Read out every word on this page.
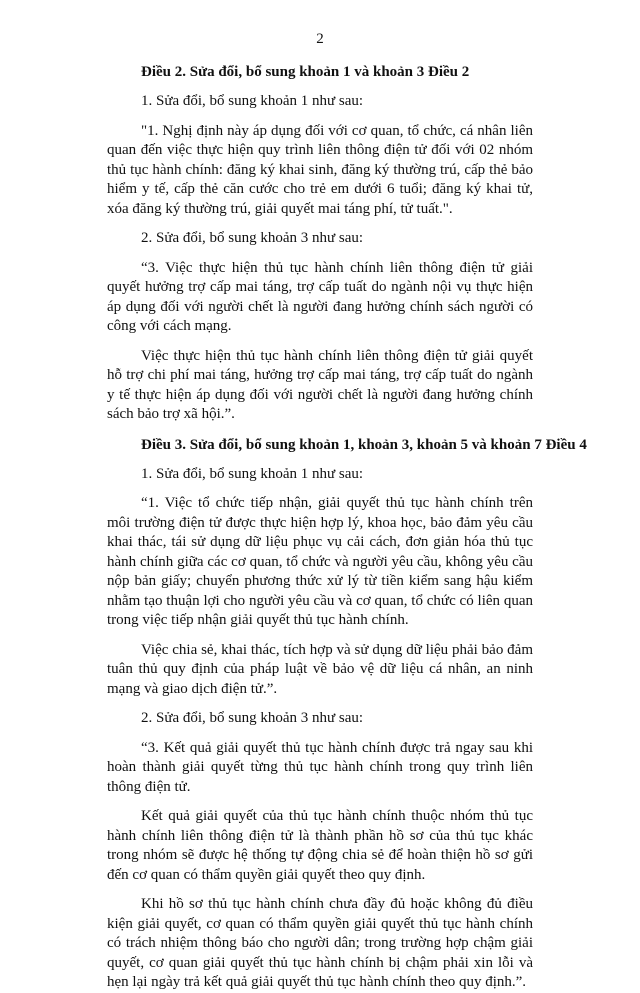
2
Điều 2. Sửa đổi, bổ sung khoản 1 và khoản 3 Điều 2
1. Sửa đổi, bổ sung khoản 1 như sau:
"1. Nghị định này áp dụng đối với cơ quan, tổ chức, cá nhân liên quan đến việc thực hiện quy trình liên thông điện tử đối với 02 nhóm thủ tục hành chính: đăng ký khai sinh, đăng ký thường trú, cấp thẻ bảo hiểm y tế, cấp thẻ căn cước cho trẻ em dưới 6 tuổi; đăng ký khai tử, xóa đăng ký thường trú, giải quyết mai táng phí, tử tuất.".
2. Sửa đổi, bổ sung khoản 3 như sau:
“3. Việc thực hiện thủ tục hành chính liên thông điện tử giải quyết hưởng trợ cấp mai táng, trợ cấp tuất do ngành nội vụ thực hiện áp dụng đối với người chết là người đang hưởng chính sách người có công với cách mạng.
Việc thực hiện thủ tục hành chính liên thông điện tử giải quyết hỗ trợ chi phí mai táng, hưởng trợ cấp mai táng, trợ cấp tuất do ngành y tế thực hiện áp dụng đối với người chết là người đang hưởng chính sách bảo trợ xã hội.”.
Điều 3. Sửa đổi, bổ sung khoản 1, khoản 3, khoản 5 và khoản 7 Điều 4
1. Sửa đổi, bổ sung khoản 1 như sau:
“1. Việc tổ chức tiếp nhận, giải quyết thủ tục hành chính trên môi trường điện tử được thực hiện hợp lý, khoa học, bảo đảm yêu cầu khai thác, tái sử dụng dữ liệu phục vụ cải cách, đơn giản hóa thủ tục hành chính giữa các cơ quan, tổ chức và người yêu cầu, không yêu cầu nộp bản giấy; chuyển phương thức xử lý từ tiền kiểm sang hậu kiểm nhằm tạo thuận lợi cho người yêu cầu và cơ quan, tổ chức có liên quan trong việc tiếp nhận giải quyết thủ tục hành chính.
Việc chia sẻ, khai thác, tích hợp và sử dụng dữ liệu phải bảo đảm tuân thủ quy định của pháp luật về bảo vệ dữ liệu cá nhân, an ninh mạng và giao dịch điện tử.”.
2. Sửa đổi, bổ sung khoản 3 như sau:
“3. Kết quả giải quyết thủ tục hành chính được trả ngay sau khi hoàn thành giải quyết từng thủ tục hành chính trong quy trình liên thông điện tử.
Kết quả giải quyết của thủ tục hành chính thuộc nhóm thủ tục hành chính liên thông điện tử là thành phần hồ sơ của thủ tục khác trong nhóm sẽ được hệ thống tự động chia sẻ để hoàn thiện hồ sơ gửi đến cơ quan có thẩm quyền giải quyết theo quy định.
Khi hồ sơ thủ tục hành chính chưa đầy đủ hoặc không đủ điều kiện giải quyết, cơ quan có thẩm quyền giải quyết thủ tục hành chính có trách nhiệm thông báo cho người dân; trong trường hợp chậm giải quyết, cơ quan giải quyết thủ tục hành chính bị chậm phải xin lỗi và hẹn lại ngày trả kết quả giải quyết thủ tục hành chính theo quy định.”.
